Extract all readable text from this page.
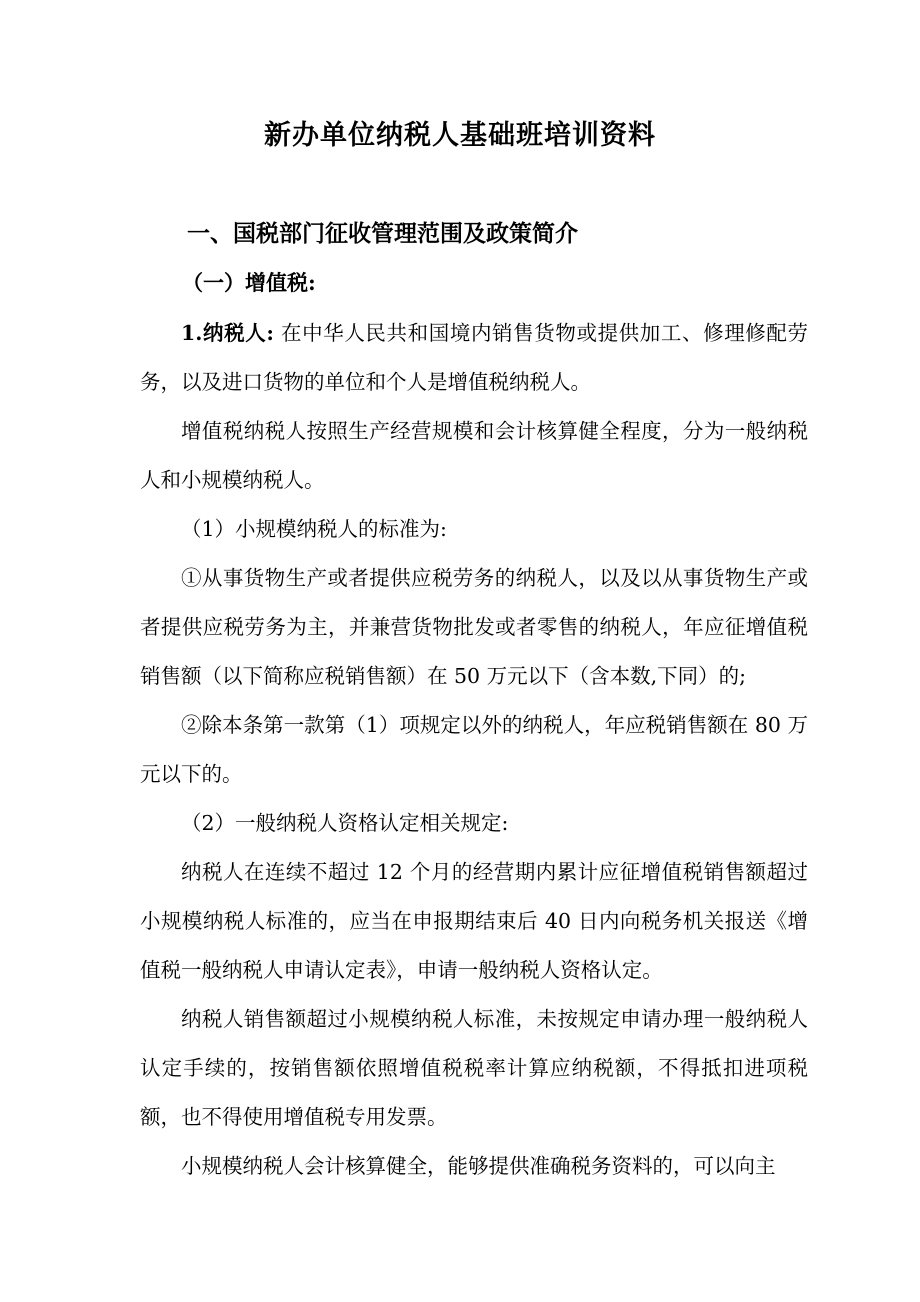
新办单位纳税人基础班培训资料
一、国税部门征收管理范围及政策简介
（一）增值税:

1.纳税人: 在中华人民共和国境内销售货物或提供加工、修理修配劳务，以及进口货物的单位和个人是增值税纳税人。

增值税纳税人按照生产经营规模和会计核算健全程度，分为一般纳税人和小规模纳税人。

（1）小规模纳税人的标准为:

①从事货物生产或者提供应税劳务的纳税人，以及以从事货物生产或者提供应税劳务为主，并兼营货物批发或者零售的纳税人，年应征增值税销售额（以下简称应税销售额）在 50 万元以下（含本数,下同）的;

②除本条第一款第（1）项规定以外的纳税人，年应税销售额在 80 万元以下的。

（2）一般纳税人资格认定相关规定:

纳税人在连续不超过 12 个月的经营期内累计应征增值税销售额超过小规模纳税人标准的，应当在申报期结束后 40 日内向税务机关报送《增值税一般纳税人申请认定表》，申请一般纳税人资格认定。

纳税人销售额超过小规模纳税人标准，未按规定申请办理一般纳税人认定手续的，按销售额依照增值税税率计算应纳税额，不得抵扣进项税额，也不得使用增值税专用发票。

小规模纳税人会计核算健全，能够提供准确税务资料的，可以向主
